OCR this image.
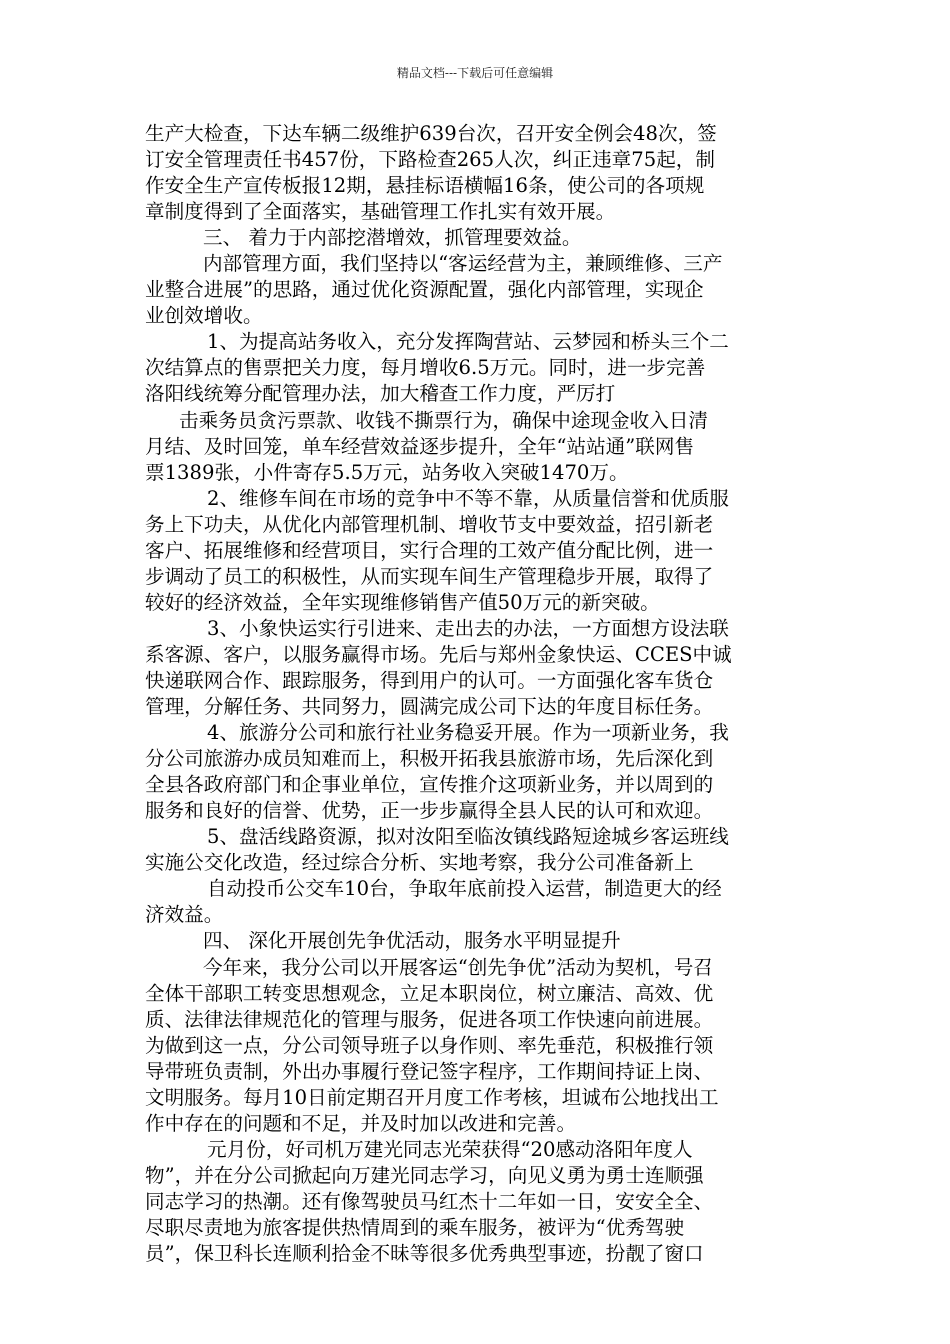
精品文档---下载后可任意编辑
生产大检查，下达车辆二级维护639台次，召开安全例会48次，签
订安全管理责任书457份，下路检查265人次，纠正违章75起，制
作安全生产宣传板报12期，悬挂标语横幅16条，使公司的各项规
章制度得到了全面落实，基础管理工作扎实有效开展。
三、 着力于内部挖潜增效，抓管理要效益。
内部管理方面，我们坚持以“客运经营为主，兼顾维修、三产
业整合进展”的思路，通过优化资源配置，强化内部管理，实现企
业创效增收。
1、为提高站务收入，充分发挥陶营站、云梦园和桥头三个二
次结算点的售票把关力度，每月增收6.5万元。同时，进一步完善
洛阳线统筹分配管理办法，加大稽查工作力度，严厉打
击乘务员贪污票款、收钱不撕票行为，确保中途现金收入日清
月结、及时回笼，单车经营效益逐步提升，全年“站站通”联网售
票1389张，小件寄存5.5万元，站务收入突破1470万。
2、维修车间在市场的竞争中不等不靠，从质量信誉和优质服
务上下功夫，从优化内部管理机制、增收节支中要效益，招引新老
客户、拓展维修和经营项目，实行合理的工效产值分配比例，进一
步调动了员工的积极性，从而实现车间生产管理稳步开展，取得了
较好的经济效益，全年实现维修销售产值50万元的新突破。
3、小象快运实行引进来、走出去的办法，一方面想方设法联
系客源、客户，以服务赢得市场。先后与郑州金象快运、CCES中诚
快递联网合作、跟踪服务，得到用户的认可。一方面强化客车货仓
管理，分解任务、共同努力，圆满完成公司下达的年度目标任务。
4、旅游分公司和旅行社业务稳妥开展。作为一项新业务，我
分公司旅游办成员知难而上，积极开拓我县旅游市场，先后深化到
全县各政府部门和企事业单位，宣传推介这项新业务，并以周到的
服务和良好的信誉、优势，正一步步赢得全县人民的认可和欢迎。
5、盘活线路资源，拟对汝阳至临汝镇线路短途城乡客运班线
实施公交化改造，经过综合分析、实地考察，我分公司准备新上
自动投币公交车10台，争取年底前投入运营，制造更大的经
济效益。
四、 深化开展创先争优活动，服务水平明显提升
今年来，我分公司以开展客运“创先争优”活动为契机，号召
全体干部职工转变思想观念，立足本职岗位，树立廉洁、高效、优
质、法律法律规范化的管理与服务，促进各项工作快速向前进展。
为做到这一点，分公司领导班子以身作则、率先垂范，积极推行领
导带班负责制，外出办事履行登记签字程序，工作期间持证上岗、
文明服务。每月10日前定期召开月度工作考核，坦诚布公地找出工
作中存在的问题和不足，并及时加以改进和完善。
元月份，好司机万建光同志光荣获得“20感动洛阳年度人
物”，并在分公司掀起向万建光同志学习，向见义勇为勇士连顺强
同志学习的热潮。还有像驾驶员马红杰十二年如一日，安安全全、
尽职尽责地为旅客提供热情周到的乘车服务，被评为“优秀驾驶
员”，保卫科长连顺利拾金不昧等很多优秀典型事迹，扮靓了窗口
